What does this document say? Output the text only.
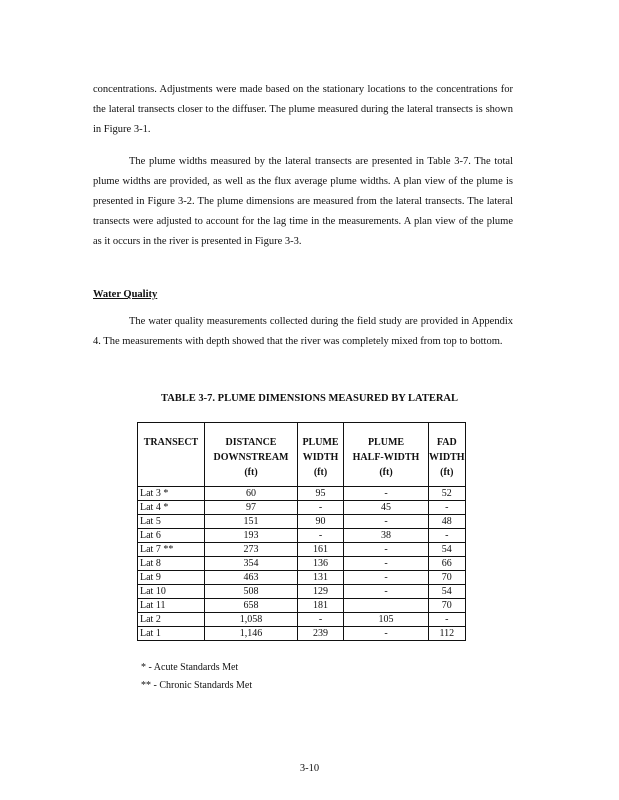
concentrations. Adjustments were made based on the stationary locations to the concentrations for the lateral transects closer to the diffuser. The plume measured during the lateral transects is shown in Figure 3-1.

The plume widths measured by the lateral transects are presented in Table 3-7. The total plume widths are provided, as well as the flux average plume widths. A plan view of the plume is presented in Figure 3-2. The plume dimensions are measured from the lateral transects. The lateral transects were adjusted to account for the lag time in the measurements. A plan view of the plume as it occurs in the river is presented in Figure 3-3.

Water Quality

The water quality measurements collected during the field study are provided in Appendix 4. The measurements with depth showed that the river was completely mixed from top to bottom.

TABLE 3-7. PLUME DIMENSIONS MEASURED BY LATERAL

TRANSECT	DISTANCE
DOWNSTREAM
(ft)	PLUME
WIDTH
(ft)	PLUME
HALF-WIDTH
(ft)	FAD
WIDTH
(ft)
Lat 3 *	60	95	-	52
Lat 4 *	97	-	45	-
Lat 5	151	90	-	48
Lat 6	193	-	38	-
Lat 7 **	273	161	-	54
Lat 8	354	136	-	66
Lat 9	463	131	-	70
Lat 10	508	129	-	54
Lat 11	658	181		70
Lat 2	1,058	-	105	-
Lat 1	1,146	239	-	112

* - Acute Standards Met

** - Chronic Standards Met

3-10
